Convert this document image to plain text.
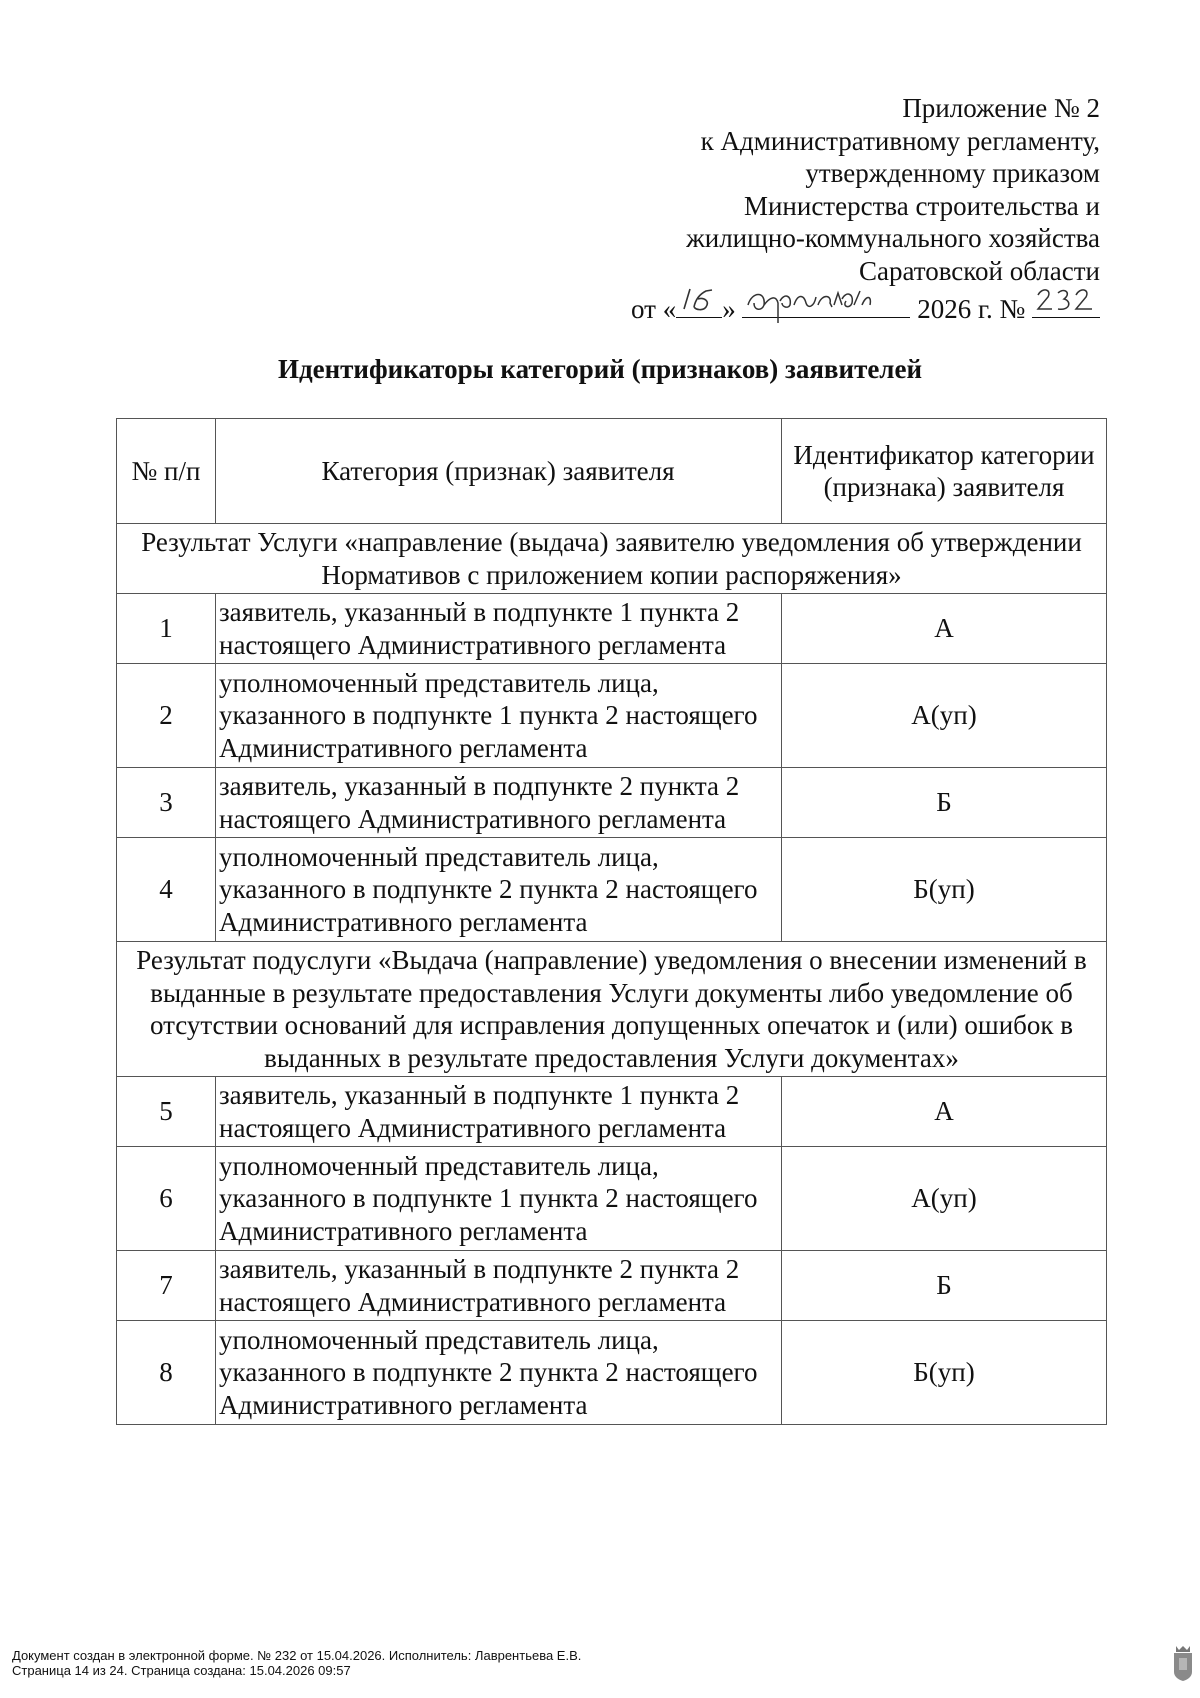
Приложение № 2
к Административному регламенту,
утвержденному приказом
Министерства строительства и
жилищно-коммунального хозяйства
Саратовской области
от « »	2026 г. №
Идентификаторы категорий (признаков) заявителей
№ п/п	Категория (признак) заявителя	Идентификатор категории (признака) заявителя
Результат Услуги «направление (выдача) заявителю уведомления об утверждении Нормативов с приложением копии распоряжения»		
1	заявитель, указанный в подпункте 1 пункта 2 настоящего Административного регламента	А
2	уполномоченный представитель лица, указанного в подпункте 1 пункта 2 настоящего Административного регламента	А(уп)
3	заявитель, указанный в подпункте 2 пункта 2 настоящего Административного регламента	Б
4	уполномоченный представитель лица, указанного в подпункте 2 пункта 2 настоящего Административного регламента	Б(уп)
Результат подуслуги «Выдача (направление) уведомления о внесении изменений в выданные в результате предоставления Услуги документы либо уведомление об отсутствии оснований для исправления допущенных опечаток и (или) ошибок в выданных в результате предоставления Услуги документах»		
5	заявитель, указанный в подпункте 1 пункта 2 настоящего Административного регламента	А
6	уполномоченный представитель лица, указанного в подпункте 1 пункта 2 настоящего Административного регламента	А(уп)
7	заявитель, указанный в подпункте 2 пункта 2 настоящего Административного регламента	Б
8	уполномоченный представитель лица, указанного в подпункте 2 пункта 2 настоящего Административного регламента	Б(уп)
Документ создан в электронной форме. № 232 от 15.04.2026. Исполнитель: Лаврентьева Е.В.
Страница 14 из 24. Страница создана: 15.04.2026 09:57
